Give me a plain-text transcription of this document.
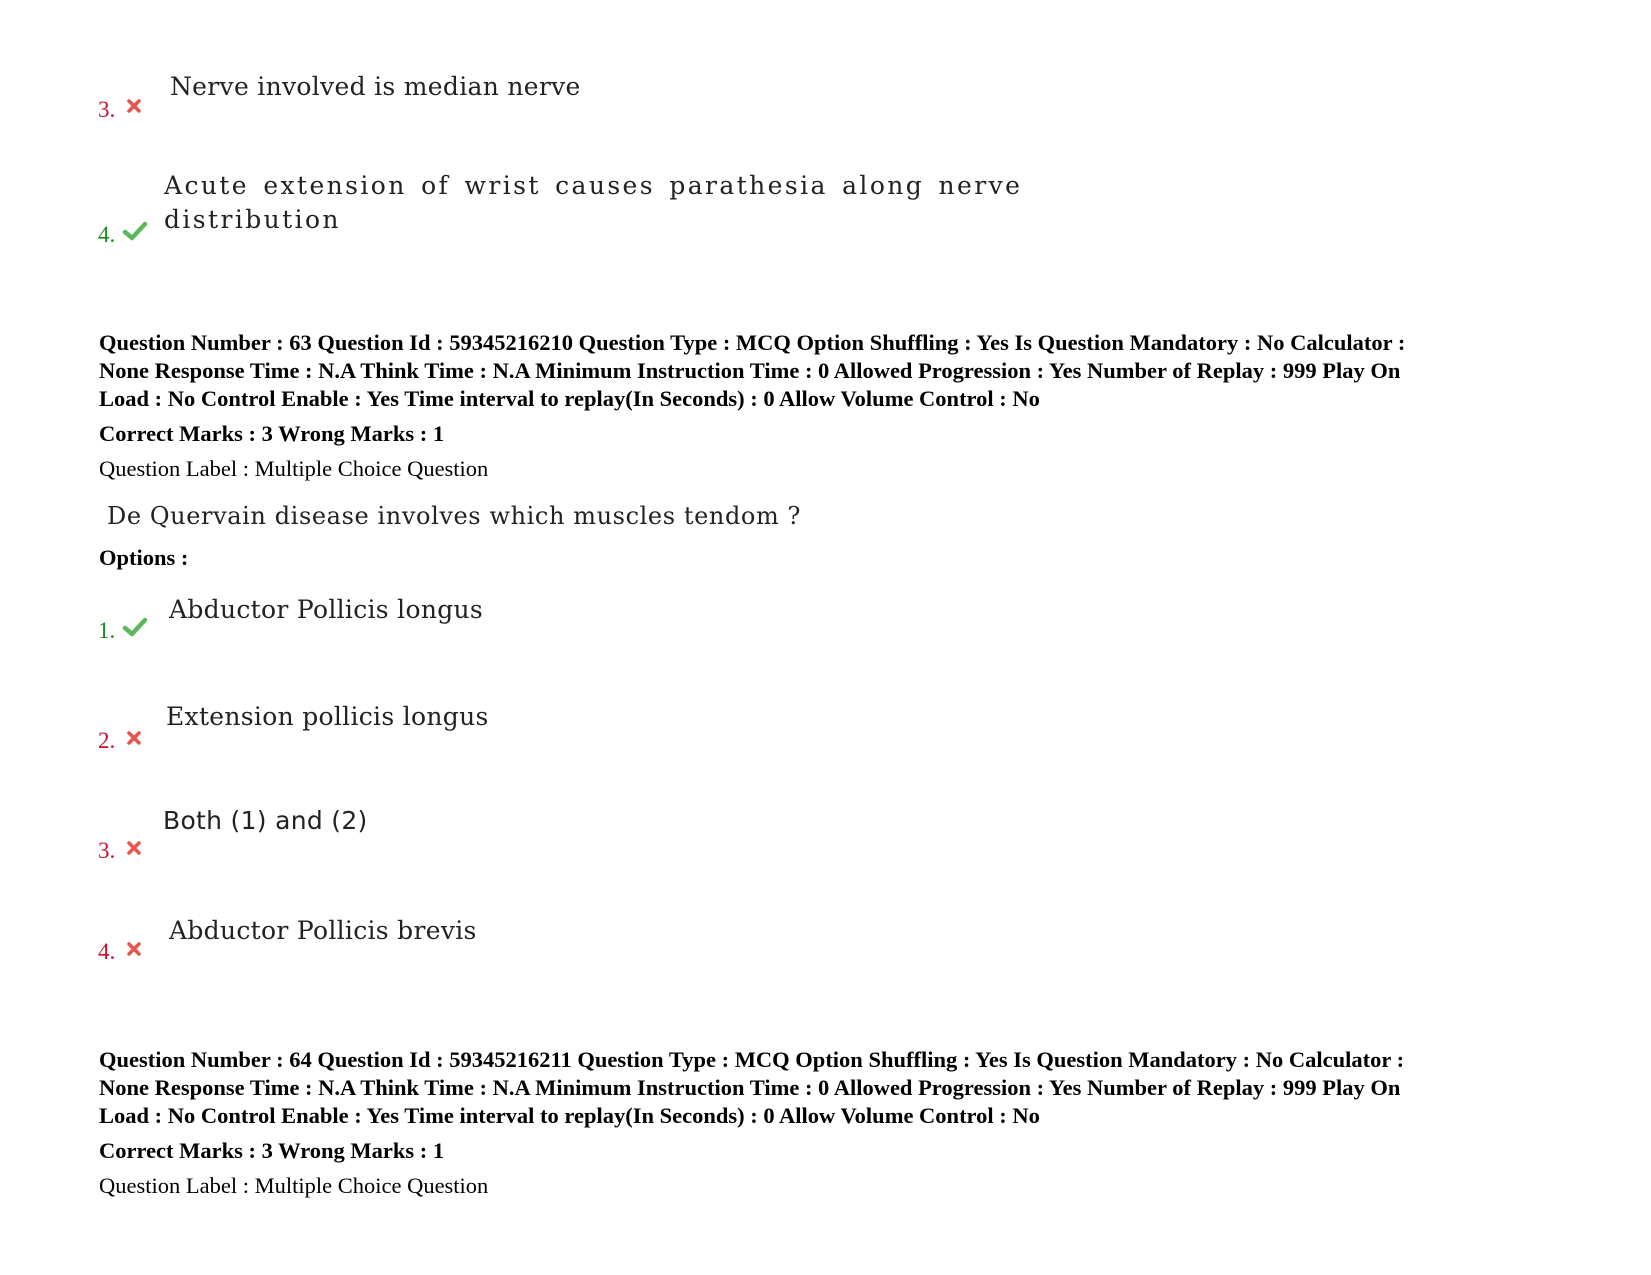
3.
Nerve involved is median nerve
4.
Acute extension of wrist causes parathesia along nerve
distribution
Question Number : 63 Question Id : 59345216210 Question Type : MCQ Option Shuffling : Yes Is Question Mandatory : No Calculator :
None Response Time : N.A Think Time : N.A Minimum Instruction Time : 0 Allowed Progression : Yes Number of Replay : 999 Play On
Load : No Control Enable : Yes Time interval to replay(In Seconds) : 0 Allow Volume Control : No
Correct Marks : 3 Wrong Marks : 1
Question Label : Multiple Choice Question
De Quervain disease involves which muscles tendom ?
Options :
1.
Abductor Pollicis longus
2.
Extension pollicis longus
3.
Both (1) and (2)
4.
Abductor Pollicis brevis
Question Number : 64 Question Id : 59345216211 Question Type : MCQ Option Shuffling : Yes Is Question Mandatory : No Calculator :
None Response Time : N.A Think Time : N.A Minimum Instruction Time : 0 Allowed Progression : Yes Number of Replay : 999 Play On
Load : No Control Enable : Yes Time interval to replay(In Seconds) : 0 Allow Volume Control : No
Correct Marks : 3 Wrong Marks : 1
Question Label : Multiple Choice Question
